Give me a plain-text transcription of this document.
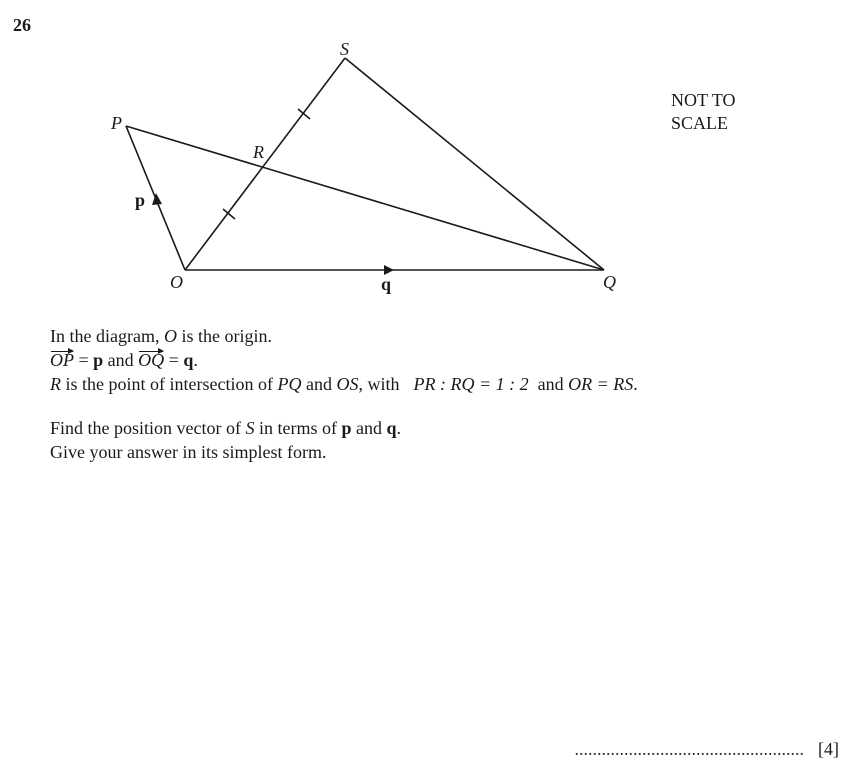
26
S
P
R
O	Q
p
q
NOT TO
SCALE
In the diagram, O is the origin.
OP = p and OQ = q.
R is the point of intersection of PQ and OS, with PR : RQ = 1 : 2  and OR = RS.
Find the position vector of S in terms of p and q.
Give your answer in its simplest form.
................................................... [4]
